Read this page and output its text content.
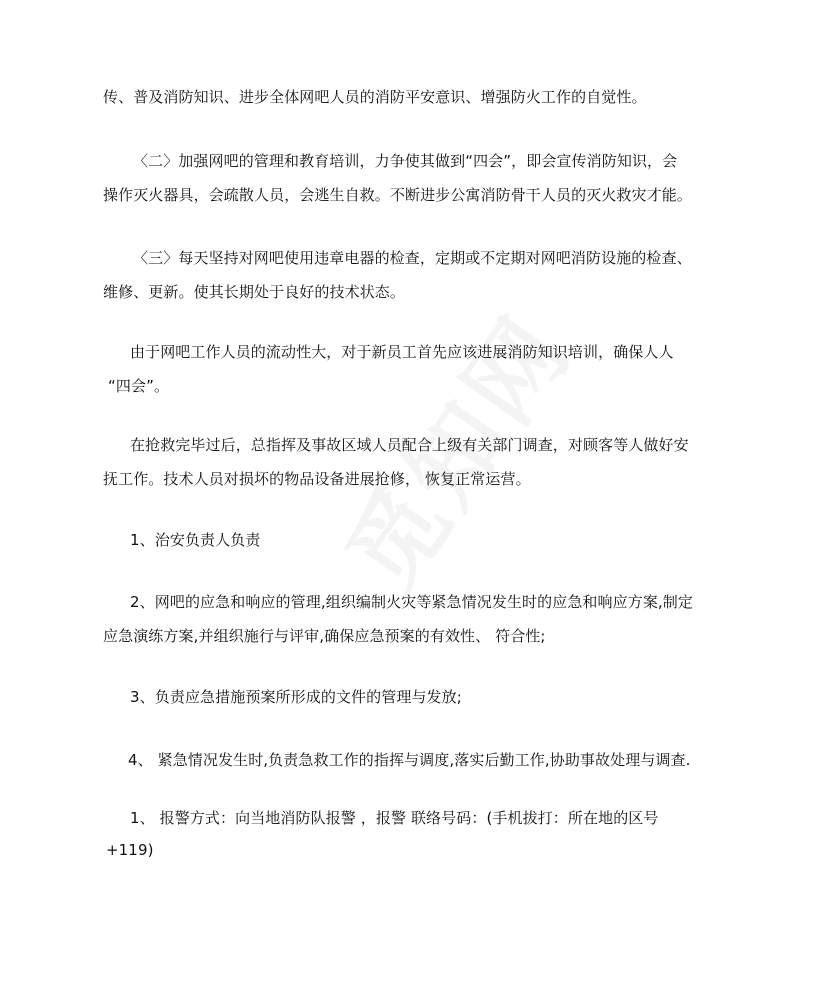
传、普及消防知识、进步全体网吧人员的消防平安意识、增强防火工作的自觉性。
〈二〉加强网吧的管理和教育培训，力争使其做到“四会”，即会宣传消防知识，会
操作灭火器具，会疏散人员，会逃生自救。不断进步公寓消防骨干人员的灭火救灾才能。
〈三〉每天坚持对网吧使用违章电器的检查，定期或不定期对网吧消防设施的检查、
维修、更新。使其长期处于良好的技术状态。
由于网吧工作人员的流动性大，对于新员工首先应该进展消防知识培训，确保人人
“四会”。
在抢救完毕过后，总指挥及事故区域人员配合上级有关部门调查，对顾客等人做好安
抚工作。技术人员对损坏的物品设备进展抢修， 恢复正常运营。
1、治安负责人负责
2、网吧的应急和响应的管理,组织编制火灾等紧急情况发生时的应急和响应方案,制定
应急演练方案,并组织施行与评审,确保应急预案的有效性、 符合性;
3、负责应急措施预案所形成的文件的管理与发放;
4、 紧急情况发生时,负责急救工作的指挥与调度,落实后勤工作,协助事故处理与调查.
1、 报警方式：向当地消防队报警 ，报警 联络号码：(手机拔打：所在地的区号
+119)
